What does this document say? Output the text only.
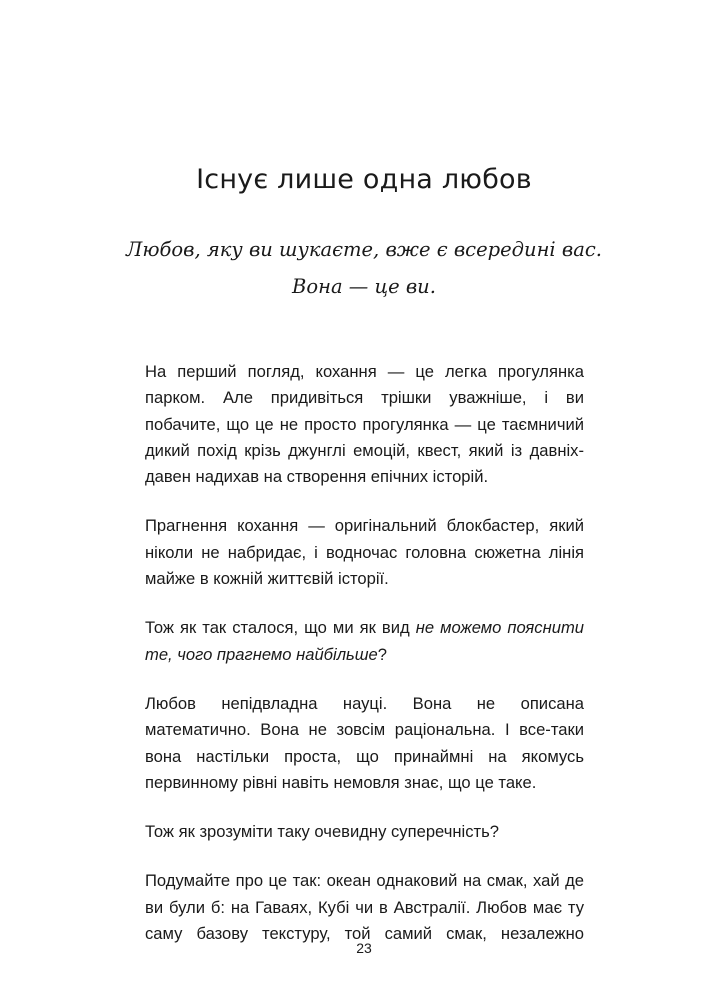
Існує лише одна любов
Любов, яку ви шукаєте, вже є всередині вас.
Вона — це ви.

На перший погляд, кохання — це легка прогулянка парком. Але придивіться трішки уважніше, і ви побачите, що це не просто прогулянка — це таємничий дикий похід крізь джунглі емоцій, квест, який із давніх-давен надихав на створення епічних історій.

Прагнення кохання — оригінальний блокбастер, який ніколи не набридає, і водночас головна сюжетна лінія майже в кожній життєвій історії.

Тож як так сталося, що ми як вид не можемо пояснити те, чого прагнемо найбільше?

Любов непідвладна науці. Вона не описана математично. Вона не зовсім раціональна. І все-таки вона настільки проста, що принаймні на якомусь первинному рівні навіть немовля знає, що це таке.

Тож як зрозуміти таку очевидну суперечність?

Подумайте про це так: океан однаковий на смак, хай де ви були б: на Гаваях, Кубі чи в Австралії. Любов має ту саму базову текстуру, той самий смак, незалежно

23
